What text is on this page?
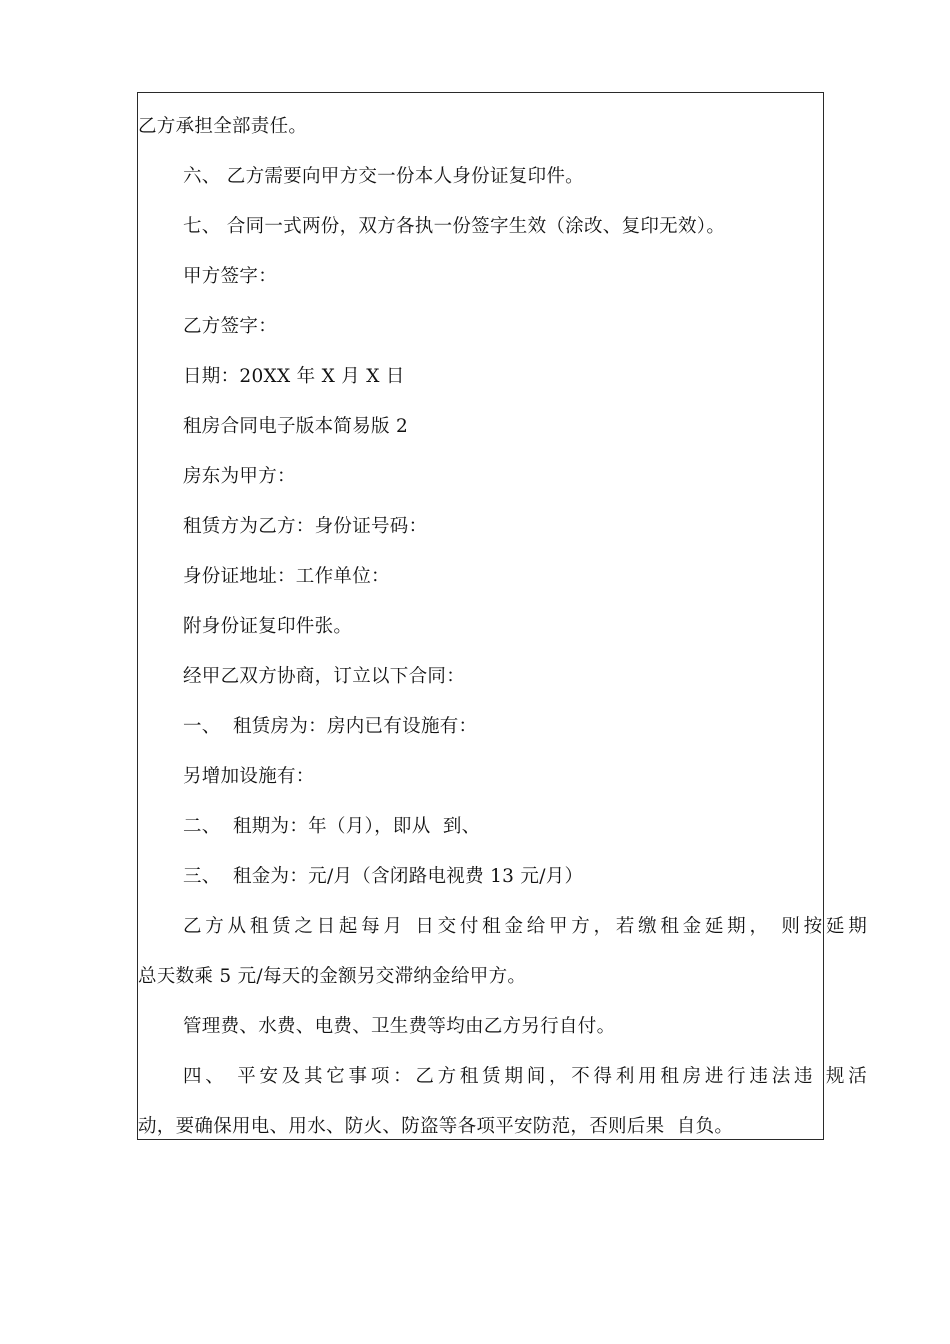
乙方承担全部责任。
六、 乙方需要向甲方交一份本人身份证复印件。
七、 合同一式两份，双方各执一份签字生效（涂改、复印无效）。
甲方签字：
乙方签字：
日期：20XX 年 X 月 X 日
租房合同电子版本简易版 2
房东为甲方：
租赁方为乙方：身份证号码：
身份证地址：工作单位：
附身份证复印件张。
经甲乙双方协商，订立以下合同：
一、  租赁房为：房内已有设施有：
另增加设施有：
二、  租期为：年（月），即从  到、
三、  租金为：元/月（含闭路电视费 13 元/月）
乙方从租赁之日起每月 日交付租金给甲方，若缴租金延期， 则按延期
总天数乘 5 元/每天的金额另交滞纳金给甲方。
管理费、水费、电费、卫生费等均由乙方另行自付。
四、 平安及其它事项：乙方租赁期间，不得利用租房进行违法违 规活
动，要确保用电、用水、防火、防盗等各项平安防范，否则后果  自负。
